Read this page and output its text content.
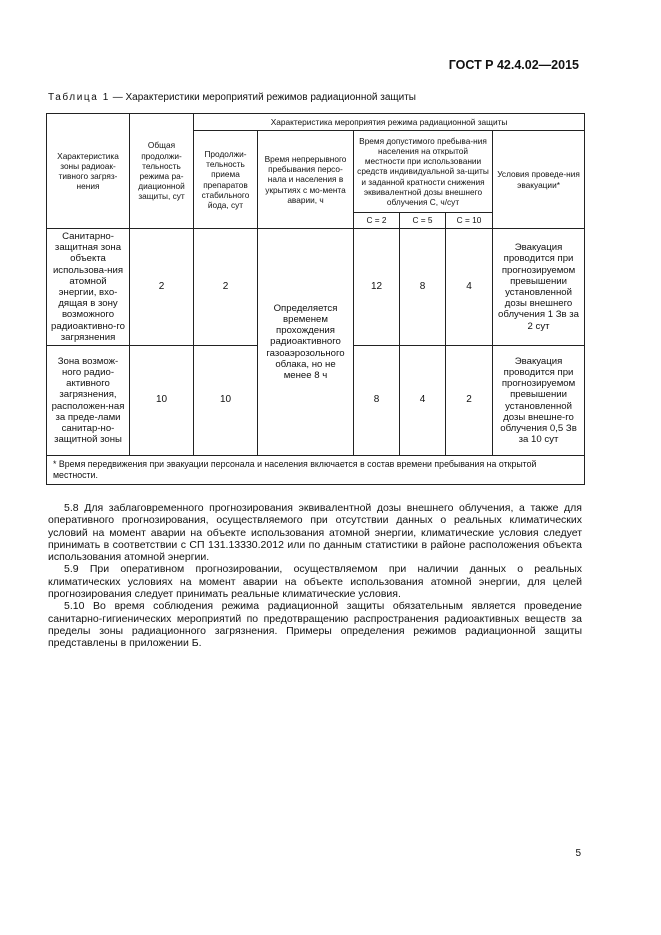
ГОСТ Р 42.4.02—2015
Таблица 1 — Характеристики мероприятий режимов радиационной защиты
Характеристика зоны радиоак-тивного загряз-нения	Общая продолжи-тельность режима ра-диационной защиты, сут	Характеристика мероприятия режима радиационной защиты					
		Продолжи-тельность приема препаратов стабильного йода, сут	Время непрерывного пребывания персо-нала и населения в укрытиях с мо-мента аварии, ч	Время допустимого пребыва-ния населения на открытой местности при использовании средств индивидуальной за-щиты и заданной кратности снижения эквивалентной дозы внешнего облучения С, ч/сут			Условия проведе-ния эвакуации*
				С = 2	С = 5	С = 10	
Санитарно-защитная зона объекта использова-ния атомной энергии, вхо-дящая в зону возможного радиоактивно-го загрязнения	2	2	Определяется временем прохождения радиоактивного газоаэрозольного облака, но не менее 8 ч	12	8	4	Эвакуация проводится при прогнозируемом превышении установленной дозы внешнего облучения 1 Зв за 2 сут
Зона возмож-ного радио-активного загрязнения, расположен-ная за преде-лами санитар-но-защитной зоны	10	10		8	4	2	Эвакуация проводится при прогнозируемом превышении установленной дозы внешне-го облучения 0,5 Зв за 10 сут
* Время передвижения при эвакуации персонала и населения включается в состав времени пребывания на открытой местности.							

5.8 Для заблаговременного прогнозирования эквивалентной дозы внешнего облучения, а также для оперативного прогнозирования, осуществляемого при отсутствии данных о реальных климатических условий на момент аварии на объекте использования атомной энергии, климатические условия следует принимать в соответствии с СП 131.13330.2012 или по данным статистики в районе расположения объекта использования атомной энергии.

5.9 При оперативном прогнозировании, осуществляемом при наличии данных о реальных климатических условиях на момент аварии на объекте использования атомной энергии, для целей прогнозирования следует принимать реальные климатические условия.

5.10 Во время соблюдения режима радиационной защиты обязательным является проведение санитарно-гигиенических мероприятий по предотвращению распространения радиоактивных веществ за пределы зоны радиационного загрязнения. Примеры определения режимов радиационной защиты представлены в приложении Б.

5
